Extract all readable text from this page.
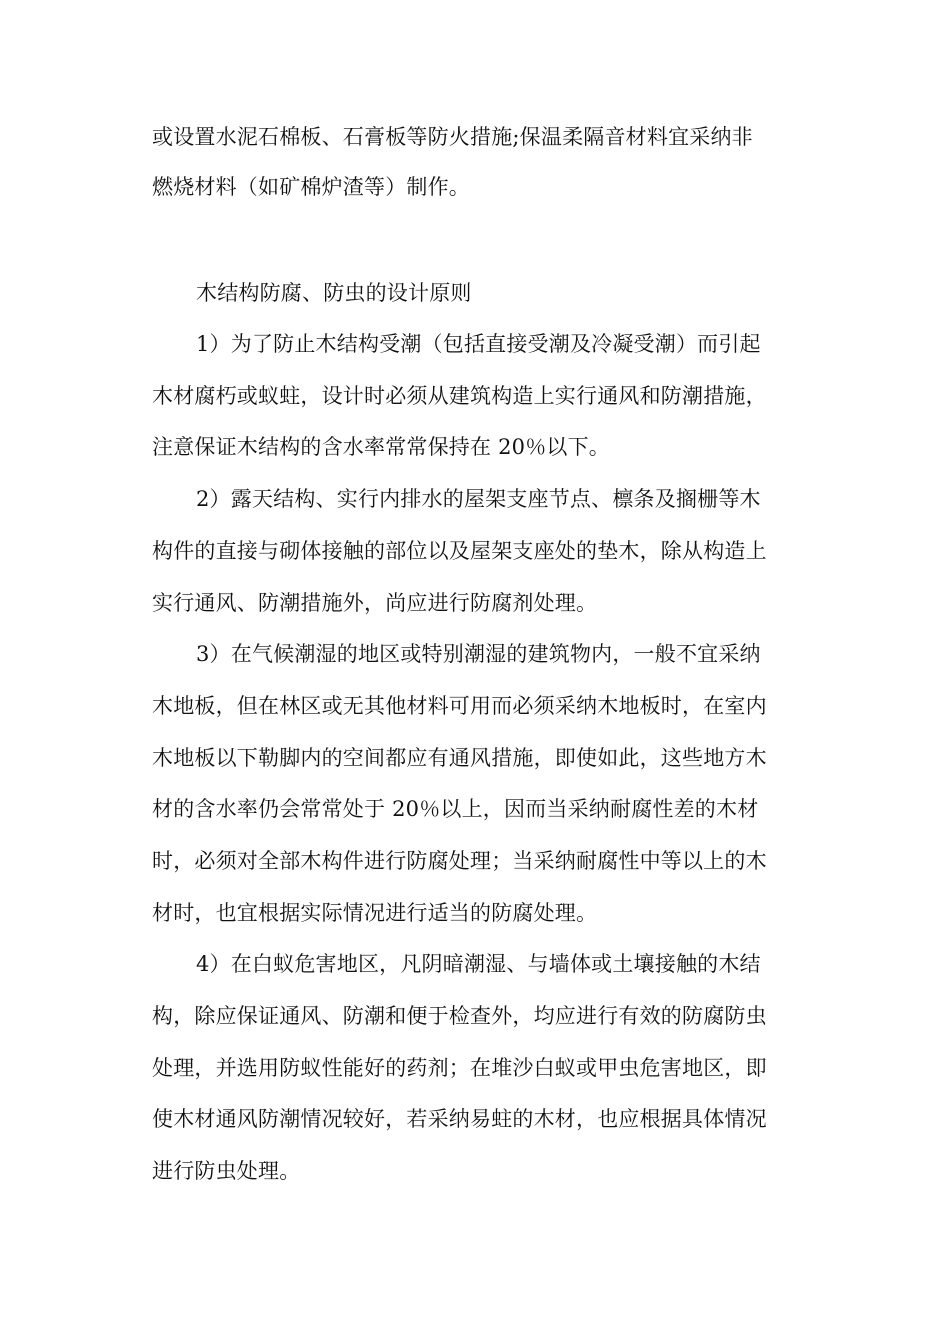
或设置水泥石棉板、石膏板等防火措施;保温柔隔音材料宜采纳非
燃烧材料（如矿棉炉渣等）制作。
木结构防腐、防虫的设计原则
1）为了防止木结构受潮（包括直接受潮及冷凝受潮）而引起
木材腐朽或蚁蛀，设计时必须从建筑构造上实行通风和防潮措施，
注意保证木结构的含水率常常保持在 20％以下。
2）露天结构、实行内排水的屋架支座节点、檩条及搁栅等木
构件的直接与砌体接触的部位以及屋架支座处的垫木，除从构造上
实行通风、防潮措施外，尚应进行防腐剂处理。
3）在气候潮湿的地区或特别潮湿的建筑物内，一般不宜采纳
木地板，但在林区或无其他材料可用而必须采纳木地板时，在室内
木地板以下勒脚内的空间都应有通风措施，即使如此，这些地方木
材的含水率仍会常常处于 20％以上，因而当采纳耐腐性差的木材
时，必须对全部木构件进行防腐处理；当采纳耐腐性中等以上的木
材时，也宜根据实际情况进行适当的防腐处理。
4）在白蚁危害地区，凡阴暗潮湿、与墙体或土壤接触的木结
构，除应保证通风、防潮和便于检查外，均应进行有效的防腐防虫
处理，并选用防蚁性能好的药剂；在堆沙白蚁或甲虫危害地区，即
使木材通风防潮情况较好，若采纳易蛀的木材，也应根据具体情况
进行防虫处理。
